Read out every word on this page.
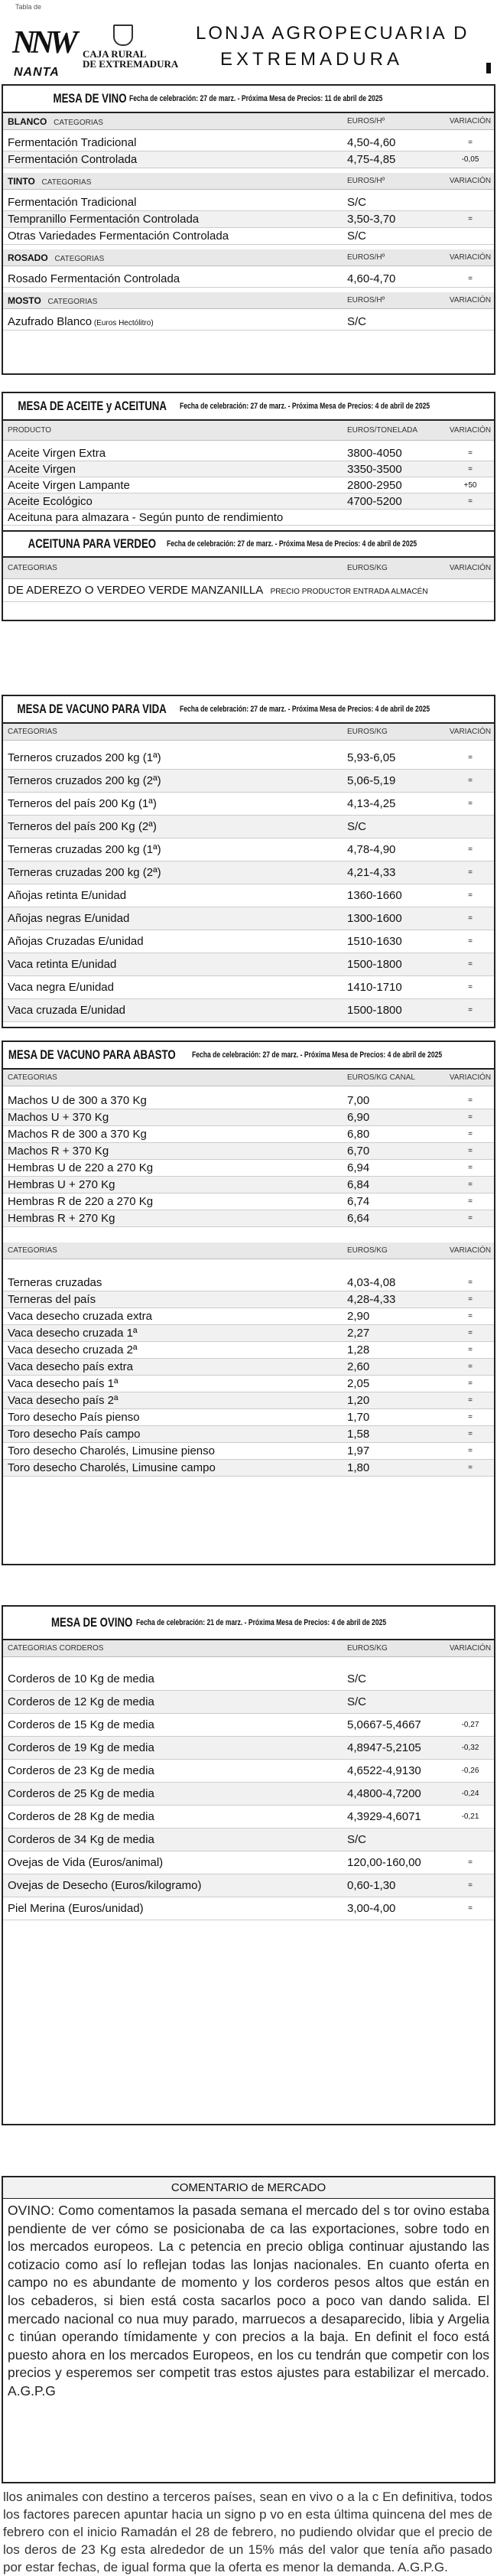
Tabla de
NNW
NANTA
CAJA RURAL
DE EXTREMADURA
LONJA AGROPECUARIA D
EXTREMADURA
MESA DE VINO Fecha de celebración: 27 de marz. - Próxima Mesa de Precios: 11 de abril de 2025
BLANCO CATEGORIAS	EUROS/Hº	VARIACIÓN
Fermentación Tradicional	4,50-4,60	=
Fermentación Controlada	4,75-4,85	-0,05
TINTO CATEGORIAS	EUROS/Hº	VARIACIÓN
Fermentación Tradicional	S/C
Tempranillo Fermentación Controlada	3,50-3,70	=
Otras Variedades Fermentación Controlada	S/C
ROSADO CATEGORIAS	EUROS/Hº	VARIACIÓN
Rosado Fermentación Controlada	4,60-4,70	=
MOSTO CATEGORIAS	EUROS/Hº	VARIACIÓN
Azufrado Blanco (Euros Hectólitro)	S/C
MESA DE ACEITE y ACEITUNA Fecha de celebración: 27 de marz. - Próxima Mesa de Precios: 4 de abril de 2025
PRODUCTO	EUROS/TONELADA	VARIACIÓN
Aceite Virgen Extra	3800-4050	=
Aceite Virgen	3350-3500	=
Aceite Virgen Lampante	2800-2950	+50
Aceite Ecológico	4700-5200	=
Aceituna para almazara - Según punto de rendimiento
ACEITUNA PARA VERDEO Fecha de celebración: 27 de marz. - Próxima Mesa de Precios: 4 de abril de 2025
CATEGORIAS	EUROS/KG	VARIACIÓN
DE ADEREZO O VERDEO VERDE MANZANILLA PRECIO PRODUCTOR ENTRADA ALMACÉN
MESA DE VACUNO PARA VIDA Fecha de celebración: 27 de marz. - Próxima Mesa de Precios: 4 de abril de 2025
CATEGORIAS	EUROS/KG	VARIACIÓN
Terneros cruzados 200 kg (1ª)	5,93-6,05	=
Terneros cruzados 200 kg (2ª)	5,06-5,19	=
Terneros del país 200 Kg (1ª)	4,13-4,25	=
Terneros del país 200 Kg (2ª)	S/C
Terneras cruzadas 200 kg (1ª)	4,78-4,90	=
Terneras cruzadas 200 kg (2ª)	4,21-4,33	=
Añojas retinta E/unidad	1360-1660	=
Añojas negras E/unidad	1300-1600	=
Añojas Cruzadas E/unidad	1510-1630	=
Vaca retinta E/unidad	1500-1800	=
Vaca negra E/unidad	1410-1710	=
Vaca cruzada E/unidad	1500-1800	=
MESA DE VACUNO PARA ABASTO Fecha de celebración: 27 de marz. - Próxima Mesa de Precios: 4 de abril de 2025
CATEGORIAS	EUROS/KG CANAL	VARIACIÓN
Machos U de 300 a 370 Kg	7,00	=
Machos U + 370 Kg	6,90	=
Machos R de 300 a 370 Kg	6,80	=
Machos R + 370 Kg	6,70	=
Hembras U de 220 a 270 Kg	6,94	=
Hembras U + 270 Kg	6,84	=
Hembras R de 220 a 270 Kg	6,74	=
Hembras R + 270 Kg	6,64	=
CATEGORIAS	EUROS/KG	VARIACIÓN
Terneras cruzadas	4,03-4,08	=
Terneras del país	4,28-4,33	=
Vaca desecho cruzada extra	2,90	=
Vaca desecho cruzada 1ª	2,27	=
Vaca desecho cruzada 2ª	1,28	=
Vaca desecho país extra	2,60	=
Vaca desecho país 1ª	2,05	=
Vaca desecho país 2ª	1,20	=
Toro desecho País pienso	1,70	=
Toro desecho País campo	1,58	=
Toro desecho Charolés, Limusine pienso	1,97	=
Toro desecho Charolés, Limusine campo	1,80	=
MESA DE OVINO Fecha de celebración: 21 de marz. - Próxima Mesa de Precios: 4 de abril de 2025
CATEGORIAS CORDEROS	EUROS/KG	VARIACIÓN
Corderos de 10 Kg de media	S/C
Corderos de 12 Kg de media	S/C
Corderos de 15 Kg de media	5,0667-5,4667	-0,27
Corderos de 19 Kg de media	4,8947-5,2105	-0,32
Corderos de 23 Kg de media	4,6522-4,9130	-0,26
Corderos de 25 Kg de media	4,4800-4,7200	-0,24
Corderos de 28 Kg de media	4,3929-4,6071	-0,21
Corderos de 34 Kg de media	S/C
Ovejas de Vida (Euros/animal)	120,00-160,00	=
Ovejas de Desecho (Euros/kilogramo)	0,60-1,30	=
Piel Merina (Euros/unidad)	3,00-4,00	=
COMENTARIO de MERCADO
OVINO: Como comentamos la pasada semana el mercado del s tor ovino estaba pendiente de ver cómo se posicionaba de ca las exportaciones, sobre todo en los mercados europeos. La c petencia en precio obliga continuar ajustando las cotizacio como así lo reflejan todas las lonjas nacionales. En cuanto oferta en campo no es abundante de momento y los corderos pesos altos que están en los cebaderos, si bien está costa sacarlos poco a poco van dando salida. El mercado nacional co nua muy parado, marruecos a desaparecido, libia y Argelia c tinúan operando tímidamente y con precios a la baja. En definit el foco está puesto ahora en los mercados Europeos, en los cu tendrán que competir con los precios y esperemos ser competit tras estos ajustes para estabilizar el mercado. A.G.P.G
llos animales con destino a terceros países, sean en vivo o a la c En definitiva, todos los factores parecen apuntar hacia un signo p vo en esta última quincena del mes de febrero con el inicio Ramadán el 28 de febrero, no pudiendo olvidar que el precio de los deros de 23 Kg esta alrededor de un 15% más del valor que tenía año pasado por estar fechas, de igual forma que la oferta es menor la demanda. A.G.P.G.
